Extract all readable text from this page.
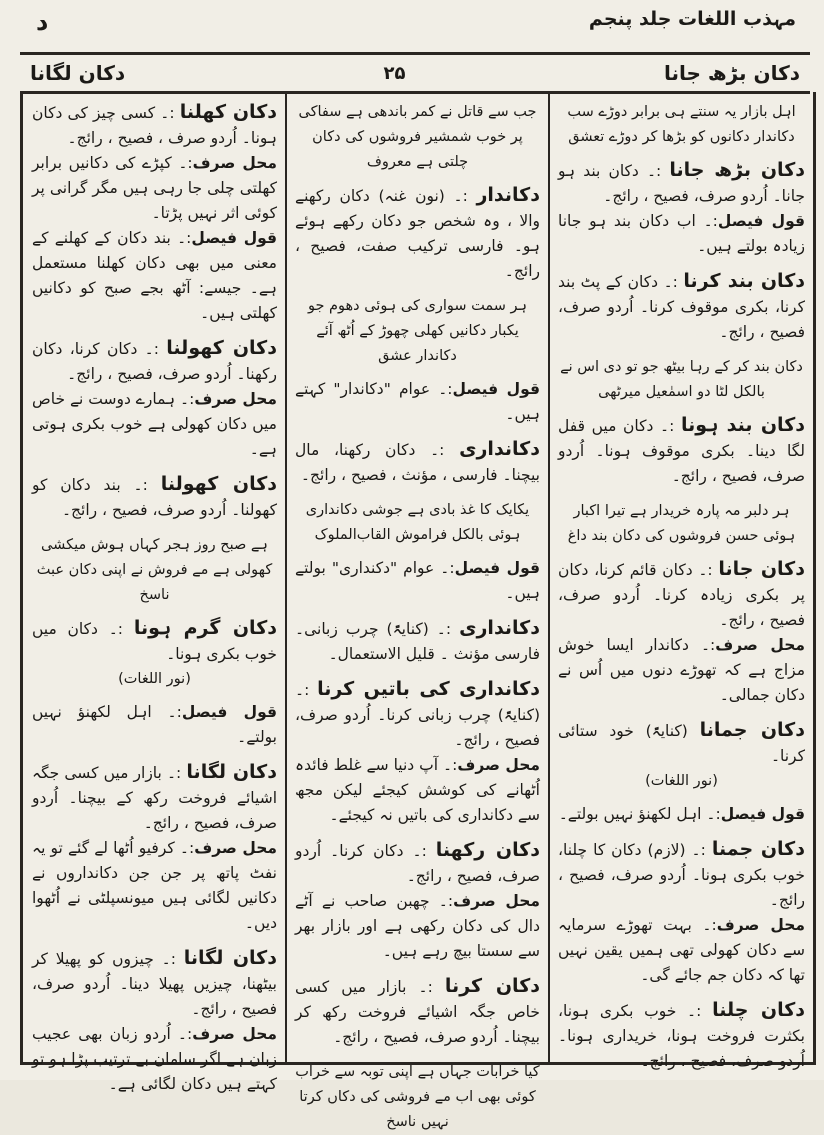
مہذب اللغات جلد پنجم
د
دکان لگانا	۲۵	دکان بڑھ جانا
اہل بازار یہ سنتے ہی برابر دوڑے سب دکاندار دکانوں کو بڑھا کر دوڑے تعشق
دکان بڑھ جانا :۔ دکان بند ہو جانا۔ اُردو صرف، فصیح ، رائج۔
قول فیصل:۔ اب دکان بند ہو جانا زیادہ بولتے ہیں۔
دکان بند کرنا :۔ دکان کے پٹ بند کرنا، بکری موقوف کرنا۔ اُردو صرف، فصیح ، رائج۔
دکان بند کر کے رہا بیٹھ جو تو دی اس نے بالکل لٹا دو اسمٰعیل میرٹھی
دکان بند ہونا :۔ دکان میں قفل لگا دینا۔ بکری موقوف ہونا۔ اُردو صرف، فصیح ، رائج۔
ہر دلبر مہ پارہ خریدار ہے تیرا اکبار ہوئی حسن فروشوں کی دکان بند داغ
دکان جانا :۔ دکان قائم کرنا، دکان پر بکری زیادہ کرنا۔ اُردو صرف، فصیح ، رائج۔
محل صرف:۔ دکاندار ایسا خوش مزاج ہے کہ تھوڑے دنوں میں اُس نے دکان جمالی۔
دکان جمانا (کنایۃً) خود ستائی کرنا۔
(نور اللغات)
قول فیصل:۔ اہل لکھنؤ نہیں بولتے۔
دکان جمنا :۔ (لازم) دکان کا چلنا، خوب بکری ہونا۔ اُردو صرف، فصیح ، رائج۔
محل صرف:۔ بہت تھوڑے سرمایہ سے دکان کھولی تھی ہمیں یقین نہیں تھا کہ دکان جم جائے گی۔
دکان چلنا :۔ خوب بکری ہونا، بکثرت فروخت ہونا، خریداری ہونا۔ اُردو صرف، فصیح ، رائج۔
جب سے قاتل نے کمر باندھی ہے سفاکی پر خوب شمشیر فروشوں کی دکان چلتی ہے معروف
دکاندار :۔ (نون غنہ) دکان رکھنے والا ، وہ شخص جو دکان رکھے ہوئے ہو۔ فارسی ترکیب صفت، فصیح ، رائج۔
ہر سمت سواری کی ہوئی دھوم جو یکبار دکانیں کھلی چھوڑ کے اُٹھ آئے دکاندار عشق
قول فیصل:۔ عوام "دکاندار" کہتے ہیں۔
دکانداری :۔ دکان رکھنا، مال بیچنا۔ فارسی ، مؤنث ، فصیح ، رائج۔
یکایک کا غذ بادی ہے جوشی دکانداری ہوئی بالکل فراموش القاب‌الملوک
قول فیصل:۔ عوام "دکنداری" بولتے ہیں۔
دکانداری :۔ (کنایۃً) چرب زبانی۔ فارسی مؤنث ۔ قلیل الاستعمال۔
دکانداری کی باتیں کرنا :۔ (کنایۃً) چرب زبانی کرنا۔ اُردو صرف، فصیح ، رائج۔
محل صرف:۔ آپ دنیا سے غلط فائدہ اُٹھانے کی کوشش کیجئے لیکن مجھ سے دکانداری کی باتیں نہ کیجئے۔
دکان رکھنا :۔ دکان کرنا۔ اُردو صرف، فصیح ، رائج۔
محل صرف:۔ چھبن صاحب نے آٹے دال کی دکان رکھی ہے اور بازار بھر سے سستا بیچ رہے ہیں۔
دکان کرنا :۔ بازار میں کسی خاص جگہ اشیائے فروخت رکھ کر بیچنا۔ اُردو صرف، فصیح ، رائج۔
کیا خرابات جہاں ہے اپنی توبہ سے خراب کوئی بھی اب مے فروشی کی دکاں کرتا نہیں ناسخ
دکان کھلنا :۔ کسی چیز کی دکان ہونا۔ اُردو صرف ، فصیح ، رائج۔
محل صرف:۔ کپڑے کی دکانیں برابر کھلتی چلی جا رہی ہیں مگر گرانی پر کوئی اثر نہیں پڑتا۔
قول فیصل:۔ بند دکان کے کھلنے کے معنی میں بھی دکان کھلنا مستعمل ہے۔ جیسے: آٹھ بجے صبح کو دکانیں کھلتی ہیں۔
دکان کھولنا :۔ دکان کرنا، دکان رکھنا۔ اُردو صرف، فصیح ، رائج۔
محل صرف:۔ ہمارے دوست نے خاص میں دکان کھولی ہے خوب بکری ہوتی ہے۔
دکان کھولنا :۔ بند دکان کو کھولنا۔ اُردو صرف، فصیح ، رائج۔
ہے صبح روز ہجر کہاں ہوش میکشی کھولی ہے مے فروش نے اپنی دکان عبث ناسخ
دکان گرم ہونا :۔ دکان میں خوب بکری ہونا۔
(نور اللغات)
قول فیصل:۔ اہل لکھنؤ نہیں بولتے۔
دکان لگانا :۔ بازار میں کسی جگہ اشیائے فروخت رکھ کے بیچنا۔ اُردو صرف، فصیح ، رائج۔
محل صرف:۔ کرفیو اُٹھا لے گئے تو یہ نفٹ پاتھ پر جن جن دکانداروں نے دکانیں لگائی ہیں میونسپلٹی نے اُٹھوا دیں۔
دکان لگانا :۔ چیزوں کو پھیلا کر بیٹھنا، چیزیں پھیلا دینا۔ اُردو صرف، فصیح ، رائج۔
محل صرف:۔ اُردو زبان بھی عجیب زبان ہے اگر سامان بے ترتیب پڑا ہو تو کہتے ہیں دکان لگائی ہے۔
